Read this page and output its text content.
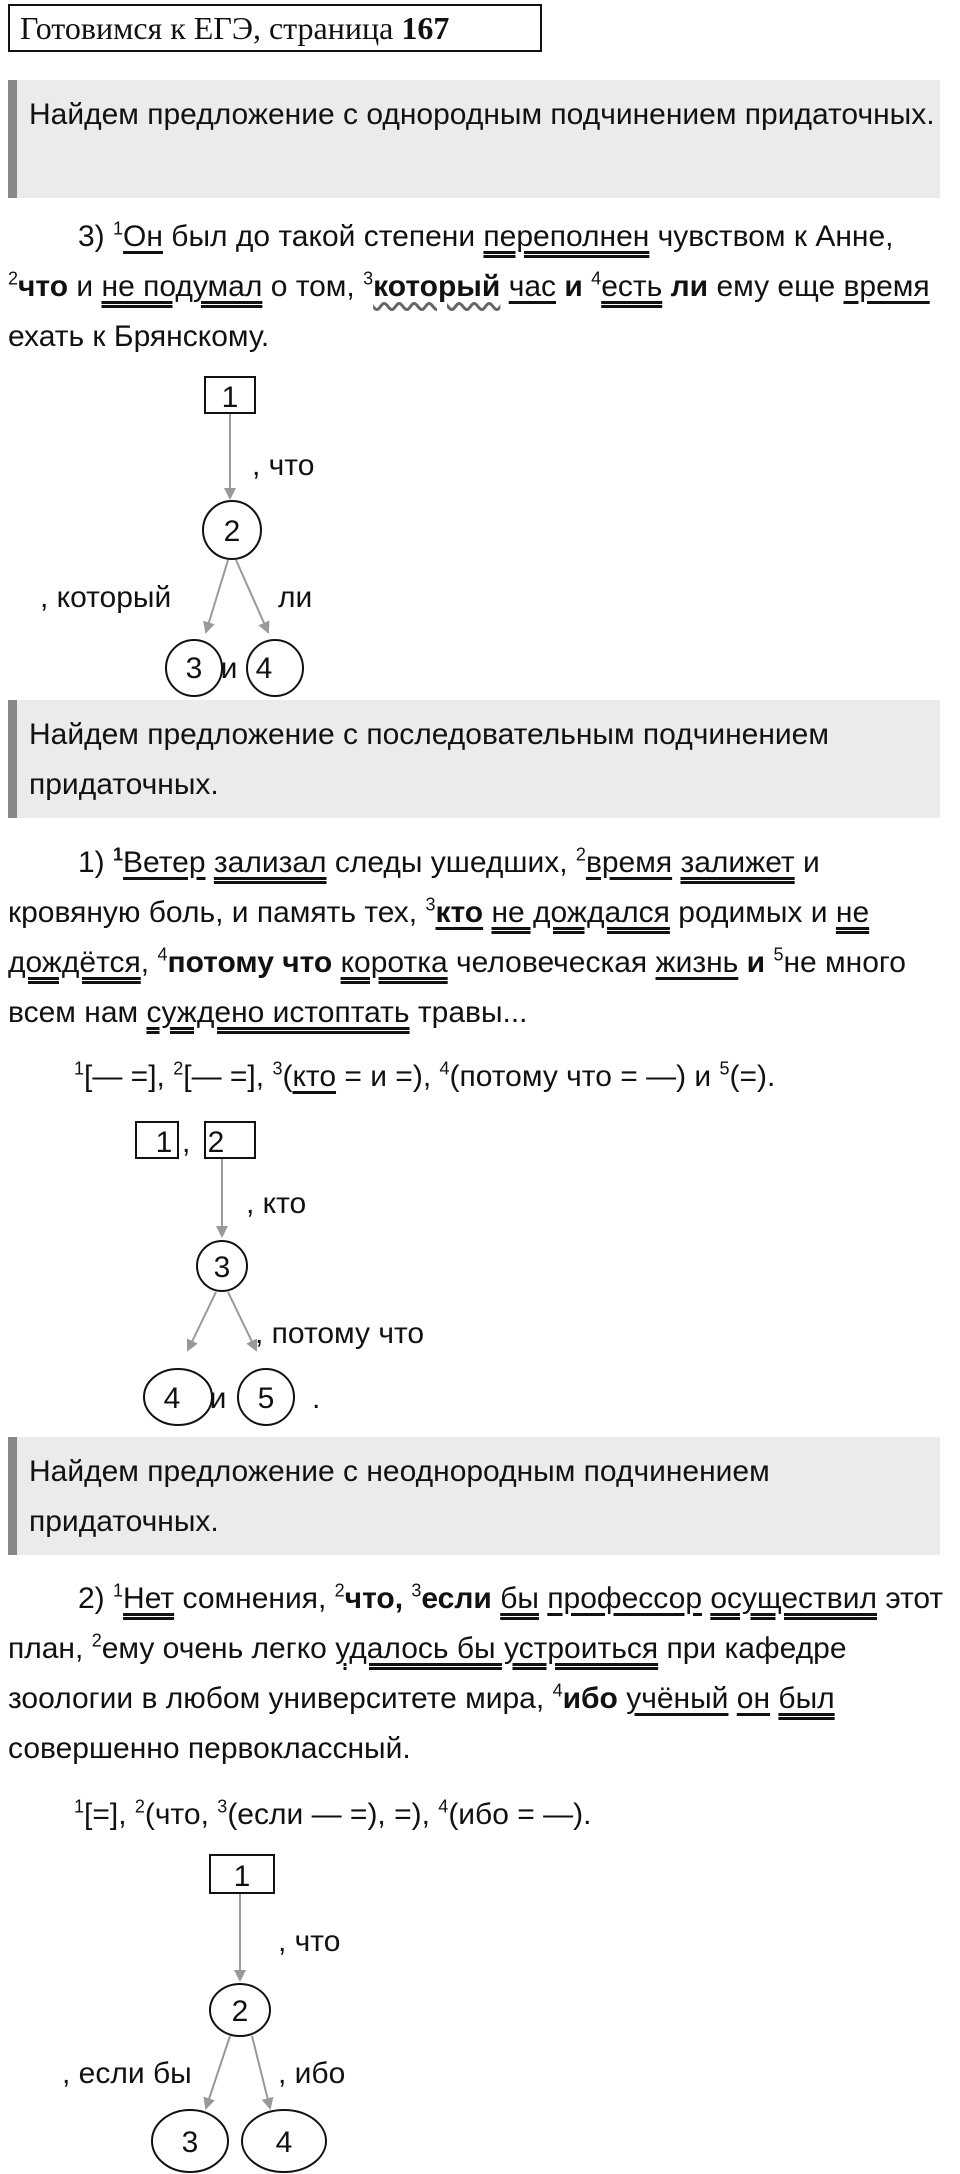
Готовимся к ЕГЭ, страница 167
Найдем предложение с однородным подчинением придаточных.
3) $^1$Он был до такой степени переполнен чувством к Анне, $^2$что и не подумал о том, $^3$который час и $^4$есть ли ему еще время ехать к Брянскому.
1
, что
2
, который	ли
3 и 4
Найдем предложение с последовательным подчинением придаточных.
1) $^1$Ветер зализал следы ушедших, $^2$время залижет и кровяную боль, и память тех, $^3$кто не дождался родимых и не дождётся, $^4$потому что коротка человеческая жизнь и $^5$не много всем нам суждено истоптать травы...
$^1$[— =], $^2$[— =], $^3$(кто = и =), $^4$(потому что = —) и $^5$(=).
1 , 2
, кто
3
, потому что
4 и 5 .
Найдем предложение с неоднородным подчинением придаточных.
2) $^1$Нет сомнения, $^2$что, $^3$если бы профессор осуществил этот план, $^2$ему очень легко удалось бы устроиться при кафедре зоологии в любом университете мира, $^4$ибо учёный он был совершенно первоклассный.
$^1$[=], $^2$(что, $^3$(если — =), =), $^4$(ибо = —).
1
, что
2
, если бы	, ибо
3	4
